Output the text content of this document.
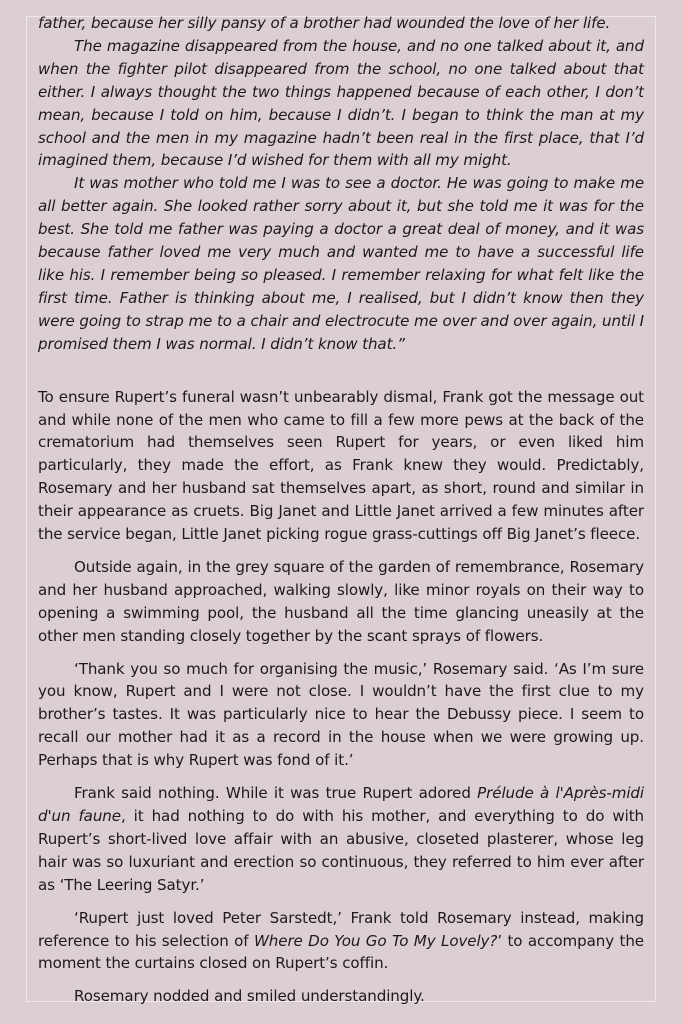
father, because her silly pansy of a brother had wounded the love of her life.

The magazine disappeared from the house, and no one talked about it, and when the fighter pilot disappeared from the school, no one talked about that either. I always thought the two things happened because of each other, I don’t mean, because I told on him, because I didn’t. I began to think the man at my school and the men in my magazine hadn’t been real in the first place, that I’d imagined them, because I’d wished for them with all my might.

It was mother who told me I was to see a doctor. He was going to make me all better again. She looked rather sorry about it, but she told me it was for the best. She told me father was paying a doctor a great deal of money, and it was because father loved me very much and wanted me to have a successful life like his. I remember being so pleased. I remember relaxing for what felt like the first time. Father is thinking about me, I realised, but I didn’t know then they were going to strap me to a chair and electrocute me over and over again, until I promised them I was normal. I didn’t know that.”

To ensure Rupert’s funeral wasn’t unbearably dismal, Frank got the message out and while none of the men who came to fill a few more pews at the back of the crematorium had themselves seen Rupert for years, or even liked him particularly, they made the effort, as Frank knew they would. Predictably, Rosemary and her husband sat themselves apart, as short, round and similar in their appearance as cruets. Big Janet and Little Janet arrived a few minutes after the service began, Little Janet picking rogue grass-cuttings off Big Janet’s fleece.

Outside again, in the grey square of the garden of remembrance, Rosemary and her husband approached, walking slowly, like minor royals on their way to opening a swimming pool, the husband all the time glancing uneasily at the other men standing closely together by the scant sprays of flowers.

‘Thank you so much for organising the music,’ Rosemary said. ‘As I’m sure you know, Rupert and I were not close. I wouldn’t have the first clue to my brother’s tastes. It was particularly nice to hear the Debussy piece. I seem to recall our mother had it as a record in the house when we were growing up. Perhaps that is why Rupert was fond of it.’

Frank said nothing. While it was true Rupert adored Prélude à l'Après-midi d'un faune, it had nothing to do with his mother, and everything to do with Rupert’s short-lived love affair with an abusive, closeted plasterer, whose leg hair was so luxuriant and erection so continuous, they referred to him ever after as ‘The Leering Satyr.’

‘Rupert just loved Peter Sarstedt,’ Frank told Rosemary instead, making reference to his selection of Where Do You Go To My Lovely?’ to accompany the moment the curtains closed on Rupert’s coffin.

Rosemary nodded and smiled understandingly.
